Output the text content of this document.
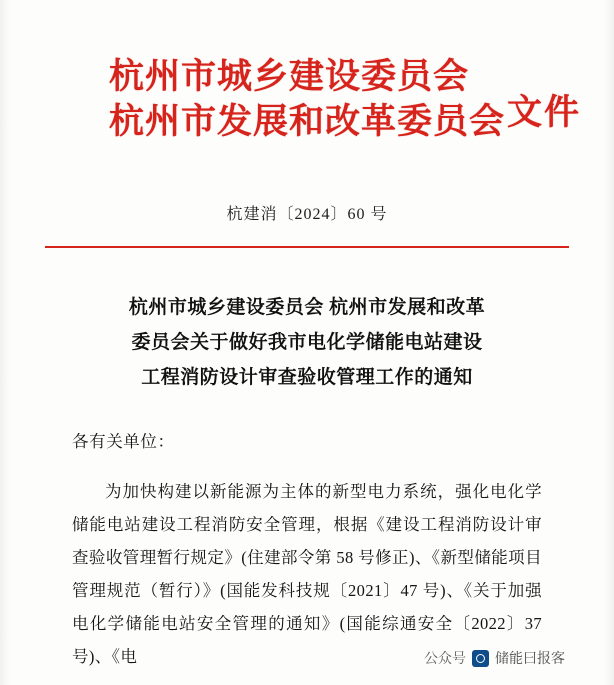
杭州市城乡建设委员会
杭州市发展和改革委员会 文件
杭建消〔2024〕60 号
杭州市城乡建设委员会 杭州市发展和改革
委员会关于做好我市电化学储能电站建设
工程消防设计审查验收管理工作的通知
各有关单位：

为加快构建以新能源为主体的新型电力系统，强化电化学储能电站建设工程消防安全管理，根据《建设工程消防设计审查验收管理暂行规定》(住建部令第 58 号修正)、《新型储能项目管理规范（暂行）》(国能发科技规〔2021〕47 号)、《关于加强电化学储能电站安全管理的通知》(国能综通安全〔2022〕37 号)、《电	公众号 储能曰报客
